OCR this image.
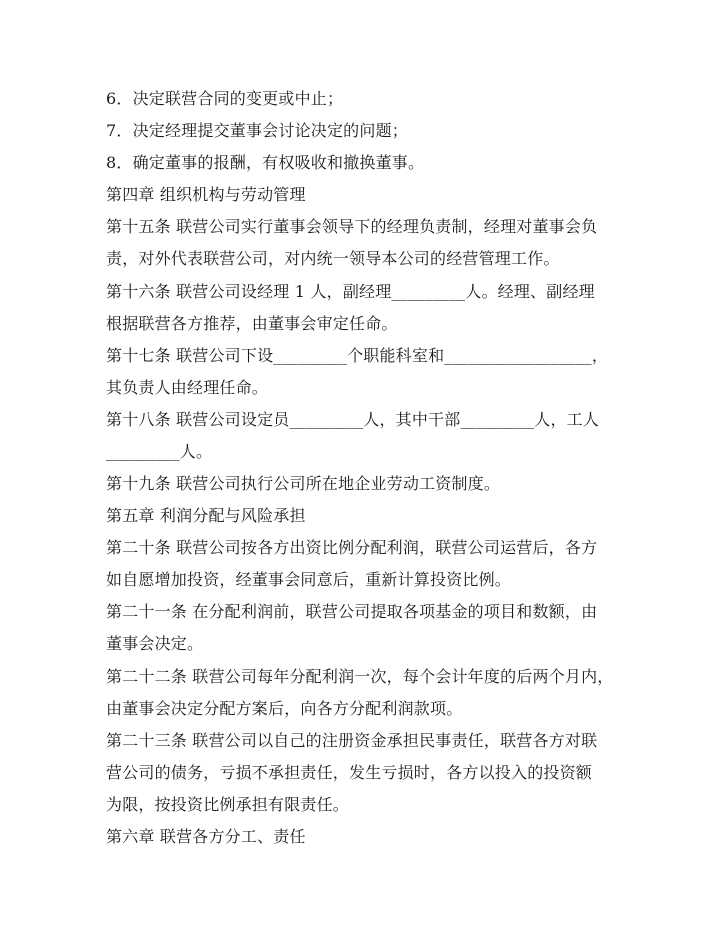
6．决定联营合同的变更或中止；
7．决定经理提交董事会讨论决定的问题；
8．确定董事的报酬，有权吸收和撤换董事。
第四章 组织机构与劳动管理
第十五条 联营公司实行董事会领导下的经理负责制，经理对董事会负
责，对外代表联营公司，对内统一领导本公司的经营管理工作。
第十六条 联营公司设经理 1 人，副经理_________人。经理、副经理
根据联营各方推荐，由董事会审定任命。
第十七条 联营公司下设_________个职能科室和__________________，
其负责人由经理任命。
第十八条 联营公司设定员_________人，其中干部_________人，工人
_________人。
第十九条 联营公司执行公司所在地企业劳动工资制度。
第五章 利润分配与风险承担
第二十条 联营公司按各方出资比例分配利润，联营公司运营后，各方
如自愿增加投资，经董事会同意后，重新计算投资比例。
第二十一条 在分配利润前，联营公司提取各项基金的项目和数额，由
董事会决定。
第二十二条 联营公司每年分配利润一次，每个会计年度的后两个月内，
由董事会决定分配方案后，向各方分配利润款项。
第二十三条 联营公司以自己的注册资金承担民事责任，联营各方对联
营公司的债务，亏损不承担责任，发生亏损时，各方以投入的投资额
为限，按投资比例承担有限责任。
第六章 联营各方分工、责任
